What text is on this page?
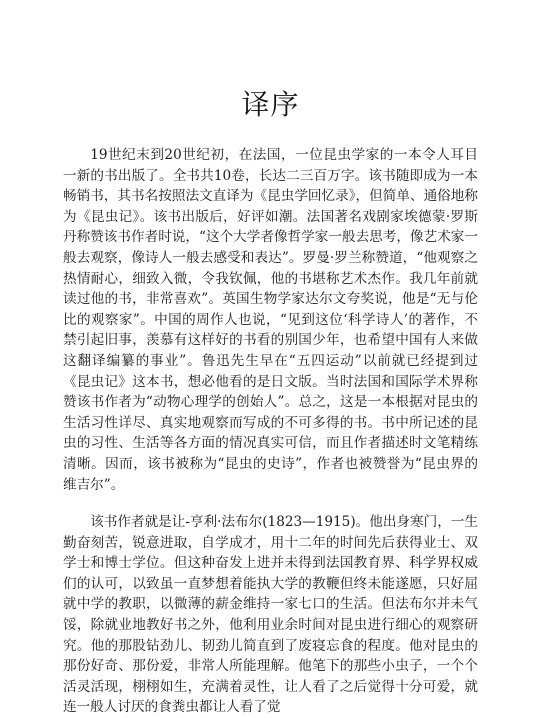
译序

19世纪末到20世纪初，在法国，一位昆虫学家的一本令人耳目一新的书出版了。全书共10卷，长达二三百万字。该书随即成为一本畅销书，其书名按照法文直译为《昆虫学回忆录》，但简单、通俗地称为《昆虫记》。该书出版后，好评如潮。法国著名戏剧家埃德蒙·罗斯丹称赞该书作者时说，“这个大学者像哲学家一般去思考，像艺术家一般去观察，像诗人一般去感受和表达”。罗曼·罗兰称赞道，“他观察之热情耐心，细致入微，令我钦佩，他的书堪称艺术杰作。我几年前就读过他的书，非常喜欢”。英国生物学家达尔文夸奖说，他是“无与伦比的观察家”。中国的周作人也说，“见到这位‘科学诗人’的著作，不禁引起旧事，羡慕有这样好的书看的别国少年，也希望中国有人来做这翻译编纂的事业”。鲁迅先生早在“五四运动”以前就已经提到过《昆虫记》这本书，想必他看的是日文版。当时法国和国际学术界称赞该书作者为“动物心理学的创始人”。总之，这是一本根据对昆虫的生活习性详尽、真实地观察而写成的不可多得的书。书中所记述的昆虫的习性、生活等各方面的情况真实可信，而且作者描述时文笔精练清晰。因而，该书被称为“昆虫的史诗”，作者也被赞誉为“昆虫界的维吉尔”。

该书作者就是让-亨利·法布尔(1823—1915)。他出身寒门，一生勤奋刻苦，锐意进取，自学成才，用十二年的时间先后获得业士、双学士和博士学位。但这种奋发上进并未得到法国教育界、科学界权威们的认可，以致虽一直梦想着能执大学的教鞭但终未能遂愿，只好屈就中学的教职，以微薄的薪金维持一家七口的生活。但法布尔并未气馁，除就业地教好书之外，他利用业余时间对昆虫进行细心的观察研究。他的那股钻劲儿、韧劲儿简直到了废寝忘食的程度。他对昆虫的那份好奇、那份爱，非常人所能理解。他笔下的那些小虫子，一个个活灵活现，栩栩如生，充满着灵性，让人看了之后觉得十分可爱，就连一般人讨厌的食粪虫都让人看了觉
